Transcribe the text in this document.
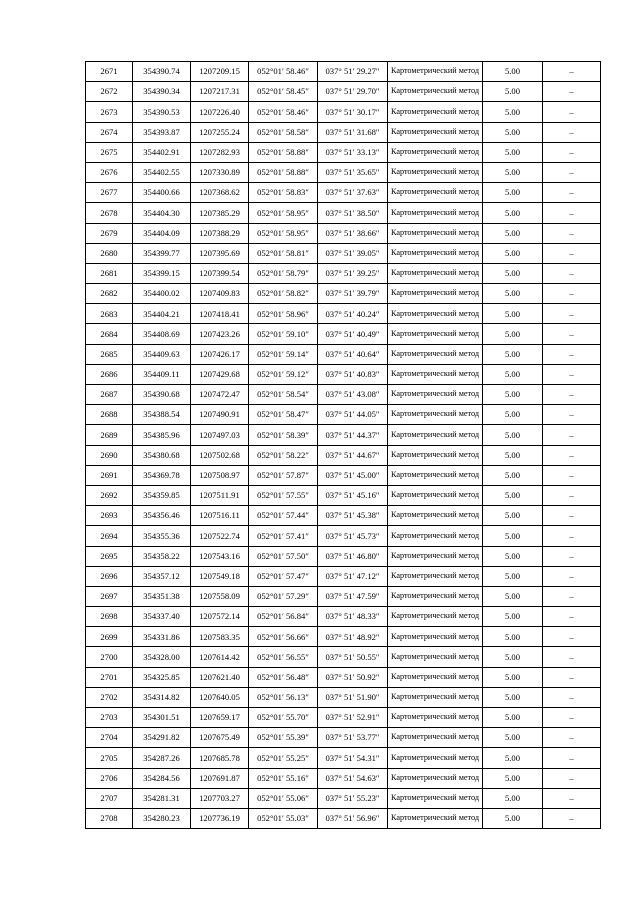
2671	354390.74	1207209.15	052°01′ 58.46″	037° 51′ 29.27″	Картометрический метод	5.00	–
2672	354390.34	1207217.31	052°01′ 58.45″	037° 51′ 29.70″	Картометрический метод	5.00	–
2673	354390.53	1207226.40	052°01′ 58.46″	037° 51′ 30.17″	Картометрический метод	5.00	–
2674	354393.87	1207255.24	052°01′ 58.58″	037° 51′ 31.68″	Картометрический метод	5.00	–
2675	354402.91	1207282.93	052°01′ 58.88″	037° 51′ 33.13″	Картометрический метод	5.00	–
2676	354402.55	1207330.89	052°01′ 58.88″	037° 51′ 35.65″	Картометрический метод	5.00	–
2677	354400.66	1207368.62	052°01′ 58.83″	037° 51′ 37.63″	Картометрический метод	5.00	–
2678	354404.30	1207385.29	052°01′ 58.95″	037° 51′ 38.50″	Картометрический метод	5.00	–
2679	354404.09	1207388.29	052°01′ 58.95″	037° 51′ 38.66″	Картометрический метод	5.00	–
2680	354399.77	1207395.69	052°01′ 58.81″	037° 51′ 39.05″	Картометрический метод	5.00	–
2681	354399.15	1207399.54	052°01′ 58.79″	037° 51′ 39.25″	Картометрический метод	5.00	–
2682	354400.02	1207409.83	052°01′ 58.82″	037° 51′ 39.79″	Картометрический метод	5.00	–
2683	354404.21	1207418.41	052°01′ 58.96″	037° 51′ 40.24″	Картометрический метод	5.00	–
2684	354408.69	1207423.26	052°01′ 59.10″	037° 51′ 40.49″	Картометрический метод	5.00	–
2685	354409.63	1207426.17	052°01′ 59.14″	037° 51′ 40.64″	Картометрический метод	5.00	–
2686	354409.11	1207429.68	052°01′ 59.12″	037° 51′ 40.83″	Картометрический метод	5.00	–
2687	354390.68	1207472.47	052°01′ 58.54″	037° 51′ 43.08″	Картометрический метод	5.00	–
2688	354388.54	1207490.91	052°01′ 58.47″	037° 51′ 44.05″	Картометрический метод	5.00	–
2689	354385.96	1207497.03	052°01′ 58.39″	037° 51′ 44.37″	Картометрический метод	5.00	–
2690	354380.68	1207502.68	052°01′ 58.22″	037° 51′ 44.67″	Картометрический метод	5.00	–
2691	354369.78	1207508.97	052°01′ 57.87″	037° 51′ 45.00″	Картометрический метод	5.00	–
2692	354359.85	1207511.91	052°01′ 57.55″	037° 51′ 45.16″	Картометрический метод	5.00	–
2693	354356.46	1207516.11	052°01′ 57.44″	037° 51′ 45.38″	Картометрический метод	5.00	–
2694	354355.36	1207522.74	052°01′ 57.41″	037° 51′ 45.73″	Картометрический метод	5.00	–
2695	354358.22	1207543.16	052°01′ 57.50″	037° 51′ 46.80″	Картометрический метод	5.00	–
2696	354357.12	1207549.18	052°01′ 57.47″	037° 51′ 47.12″	Картометрический метод	5.00	–
2697	354351.38	1207558.09	052°01′ 57.29″	037° 51′ 47.59″	Картометрический метод	5.00	–
2698	354337.40	1207572.14	052°01′ 56.84″	037° 51′ 48.33″	Картометрический метод	5.00	–
2699	354331.86	1207583.35	052°01′ 56.66″	037° 51′ 48.92″	Картометрический метод	5.00	–
2700	354328.00	1207614.42	052°01′ 56.55″	037° 51′ 50.55″	Картометрический метод	5.00	–
2701	354325.85	1207621.40	052°01′ 56.48″	037° 51′ 50.92″	Картометрический метод	5.00	–
2702	354314.82	1207640.05	052°01′ 56.13″	037° 51′ 51.90″	Картометрический метод	5.00	–
2703	354301.51	1207659.17	052°01′ 55.70″	037° 51′ 52.91″	Картометрический метод	5.00	–
2704	354291.82	1207675.49	052°01′ 55.39″	037° 51′ 53.77″	Картометрический метод	5.00	–
2705	354287.26	1207685.78	052°01′ 55.25″	037° 51′ 54.31″	Картометрический метод	5.00	–
2706	354284.56	1207691.87	052°01′ 55.16″	037° 51′ 54.63″	Картометрический метод	5.00	–
2707	354281.31	1207703.27	052°01′ 55.06″	037° 51′ 55.23″	Картометрический метод	5.00	–
2708	354280.23	1207736.19	052°01′ 55.03″	037° 51′ 56.96″	Картометрический метод	5.00	–
